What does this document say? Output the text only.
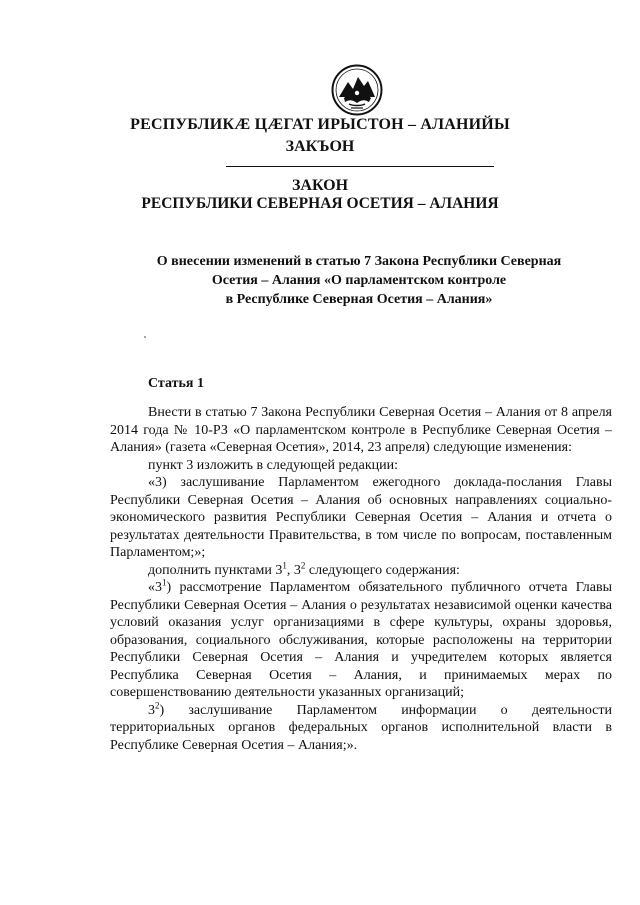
РЕСПУБЛИКӔ ЦӔГАТ ИРЫСТОН – АЛАНИЙЫ
ЗАКЪОН
ЗАКОН
РЕСПУБЛИКИ СЕВЕРНАЯ ОСЕТИЯ – АЛАНИЯ
О внесении изменений в статью 7 Закона Республики Северная
Осетия – Алания «О парламентском контроле
в Республике Северная Осетия – Алания»
Статья 1

Внести в статью 7 Закона Республики Северная Осетия – Алания от 8 апреля 2014 года № 10-РЗ «О парламентском контроле в Республике Северная Осетия – Алания» (газета «Северная Осетия», 2014, 23 апреля) следующие изменения:

пункт 3 изложить в следующей редакции:

«3) заслушивание Парламентом ежегодного доклада-послания Главы Республики Северная Осетия – Алания об основных направлениях социально-экономического развития Республики Северная Осетия – Алания и отчета о результатах деятельности Правительства, в том числе по вопросам, поставленным Парламентом;»;

дополнить пунктами $3^1$, $3^2$ следующего содержания:

«$3^1$) рассмотрение Парламентом обязательного публичного отчета Главы Республики Северная Осетия – Алания о результатах независимой оценки качества условий оказания услуг организациями в сфере культуры, охраны здоровья, образования, социального обслуживания, которые расположены на территории Республики Северная Осетия – Алания и учредителем которых является Республика Северная Осетия – Алания, и принимаемых мерах по совершенствованию деятельности указанных организаций;

$3^2$) заслушивание Парламентом информации о деятельности территориальных органов федеральных органов исполнительной власти в Республике Северная Осетия – Алания;».
